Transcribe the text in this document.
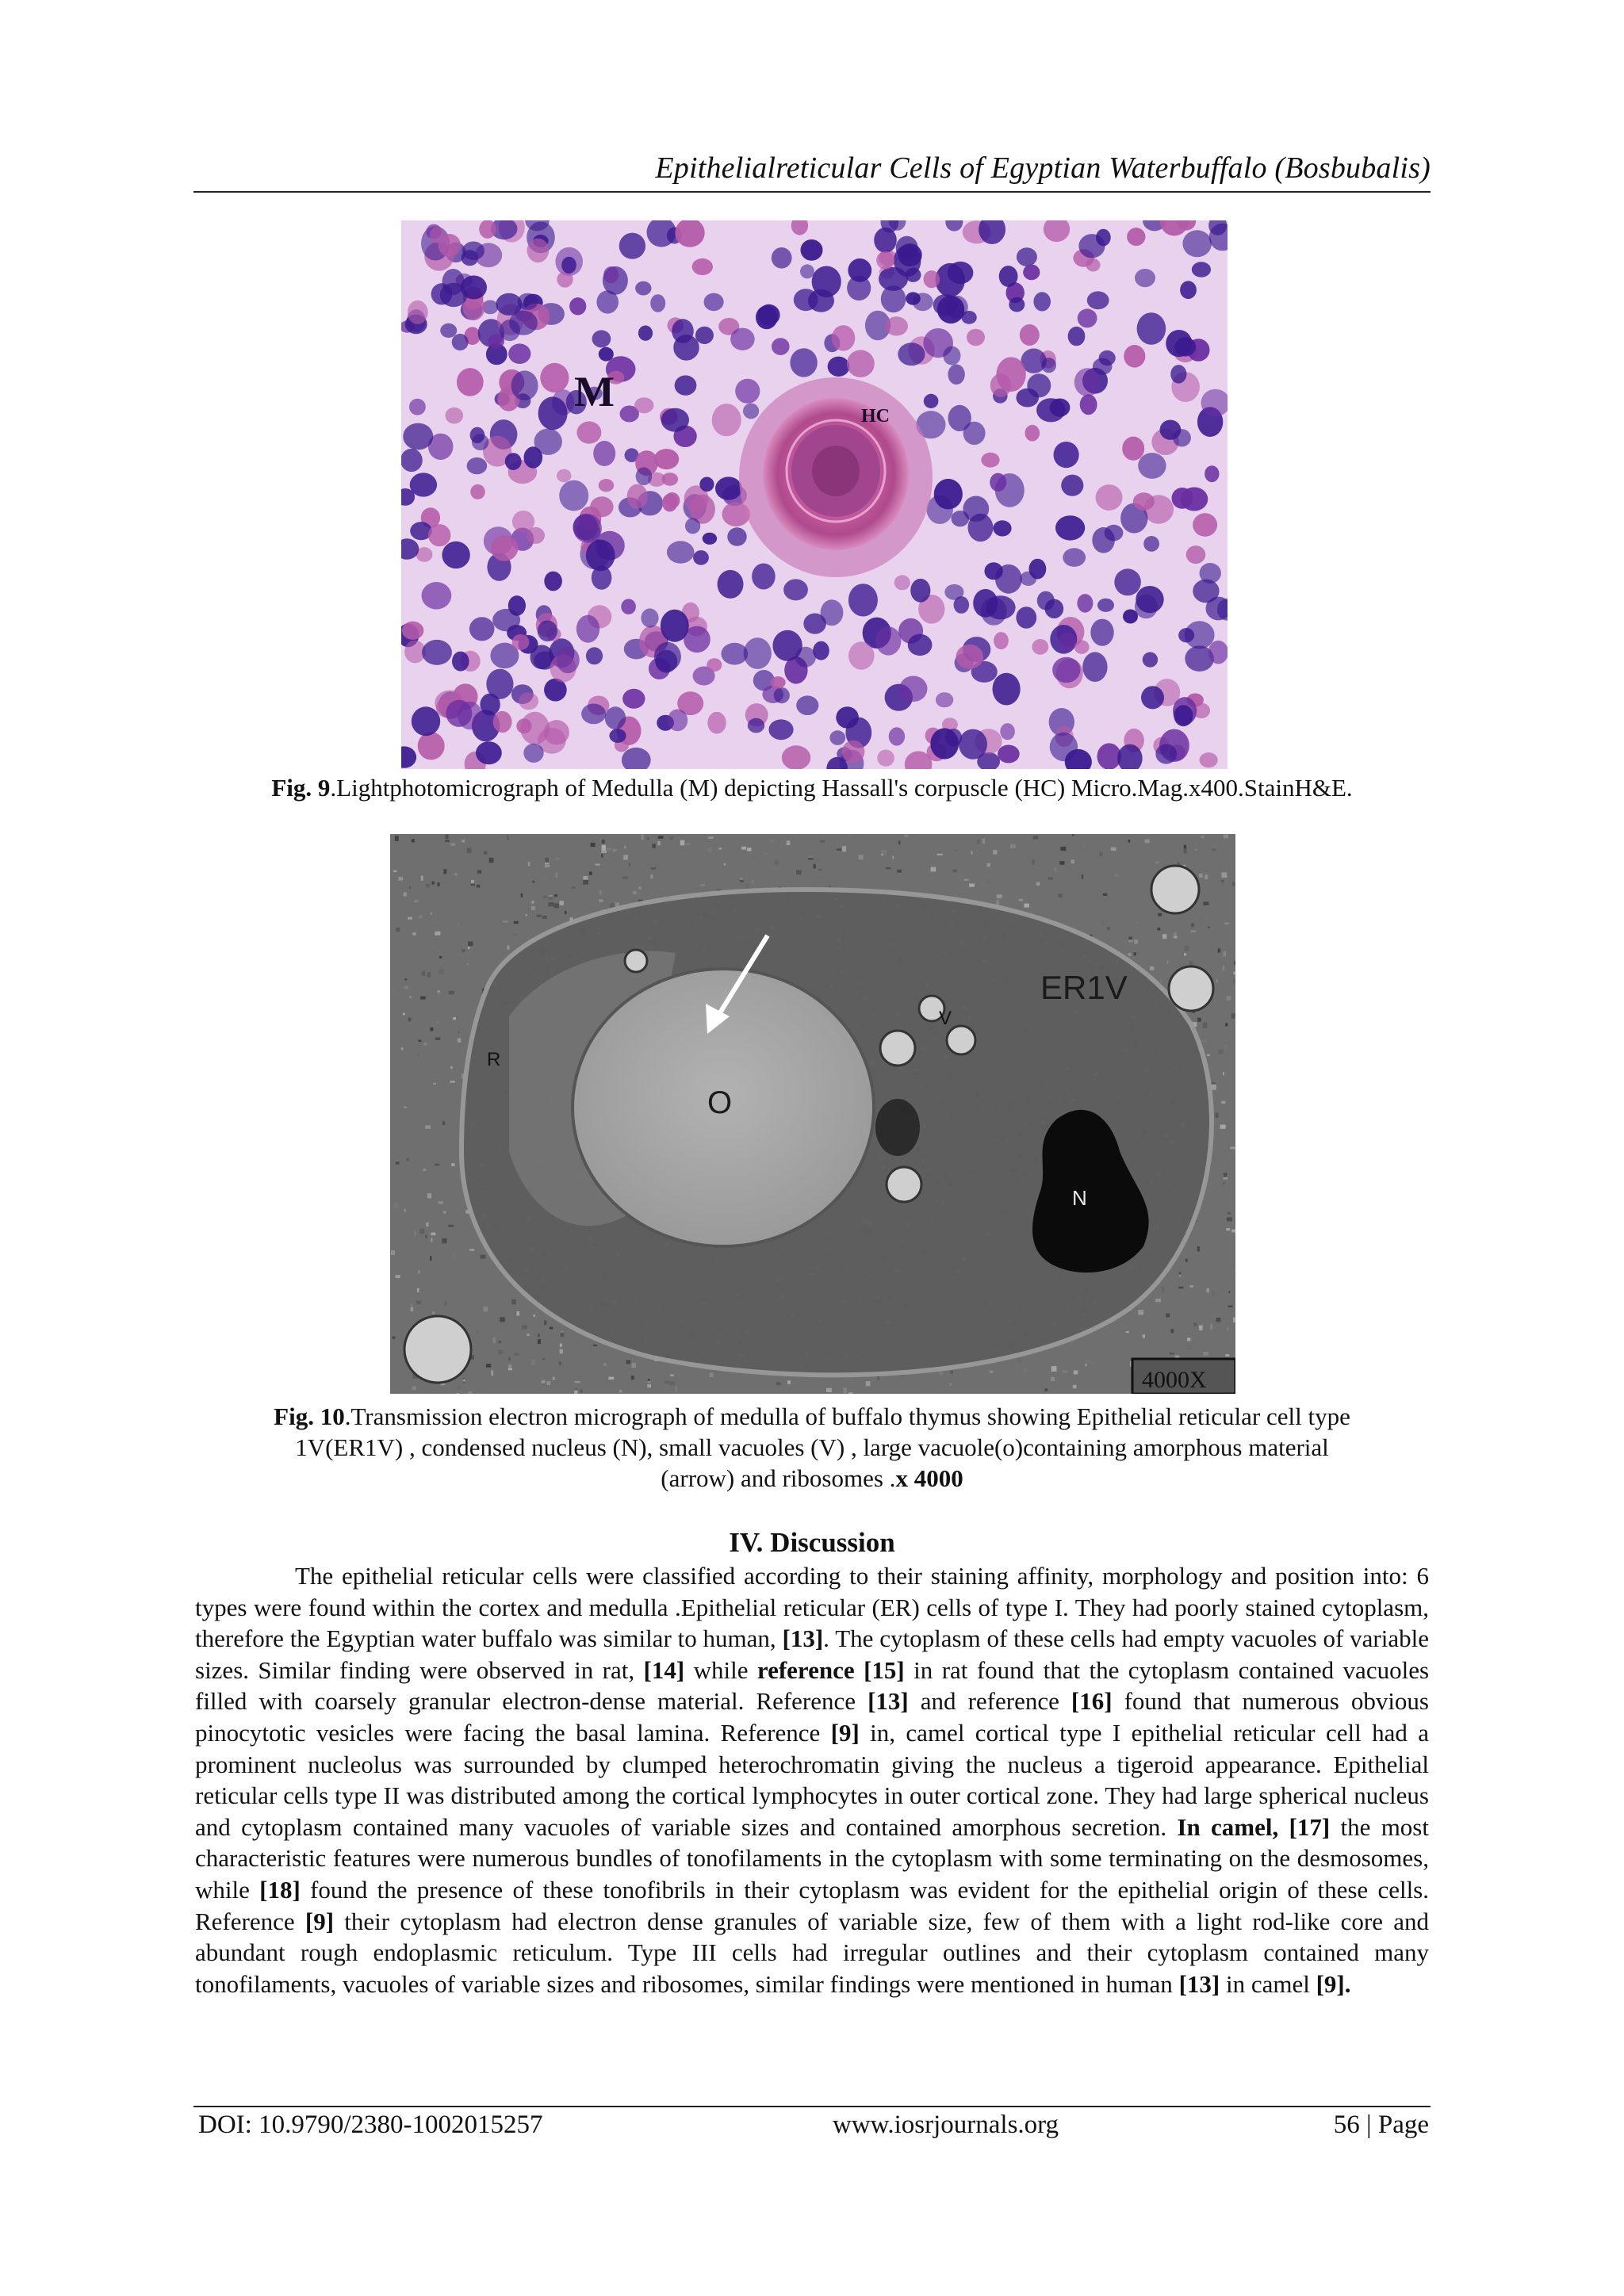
Epithelialreticular Cells of Egyptian Waterbuffalo (Bosbubalis)
M
HC
Fig. 9.Lightphotomicrograph of Medulla (M) depicting Hassall's corpuscle (HC) Micro.Mag.x400.StainH&E.
ER1V
V
R
O
N
4000X
Fig. 10.Transmission electron micrograph of medulla of buffalo thymus showing Epithelial reticular cell type
1V(ER1V) , condensed nucleus (N), small vacuoles (V) , large vacuole(o)containing amorphous material
(arrow) and ribosomes .x 4000
IV. Discussion
The epithelial reticular cells were classified according to their staining affinity, morphology and position into: 6 types were found within the cortex and medulla .Epithelial reticular (ER) cells of type I. They had poorly stained cytoplasm, therefore the Egyptian water buffalo was similar to human, [13]. The cytoplasm of these cells had empty vacuoles of variable sizes. Similar finding were observed in rat, [14] while reference [15] in rat found that the cytoplasm contained vacuoles filled with coarsely granular electron-dense material. Reference [13] and reference [16] found that numerous obvious pinocytotic vesicles were facing the basal lamina. Reference [9] in, camel cortical type I epithelial reticular cell had a prominent nucleolus was surrounded by clumped heterochromatin giving the nucleus a tigeroid appearance. Epithelial reticular cells type II was distributed among the cortical lymphocytes in outer cortical zone. They had large spherical nucleus and cytoplasm contained many vacuoles of variable sizes and contained amorphous secretion. In camel, [17] the most characteristic features were numerous bundles of tonofilaments in the cytoplasm with some terminating on the desmosomes, while [18] found the presence of these tonofibrils in their cytoplasm was evident for the epithelial origin of these cells. Reference [9] their cytoplasm had electron dense granules of variable size, few of them with a light rod-like core and abundant rough endoplasmic reticulum. Type III cells had irregular outlines and their cytoplasm contained many tonofilaments, vacuoles of variable sizes and ribosomes, similar findings were mentioned in human [13] in camel [9].
DOI: 10.9790/2380-1002015257	www.iosrjournals.org	56 | Page
